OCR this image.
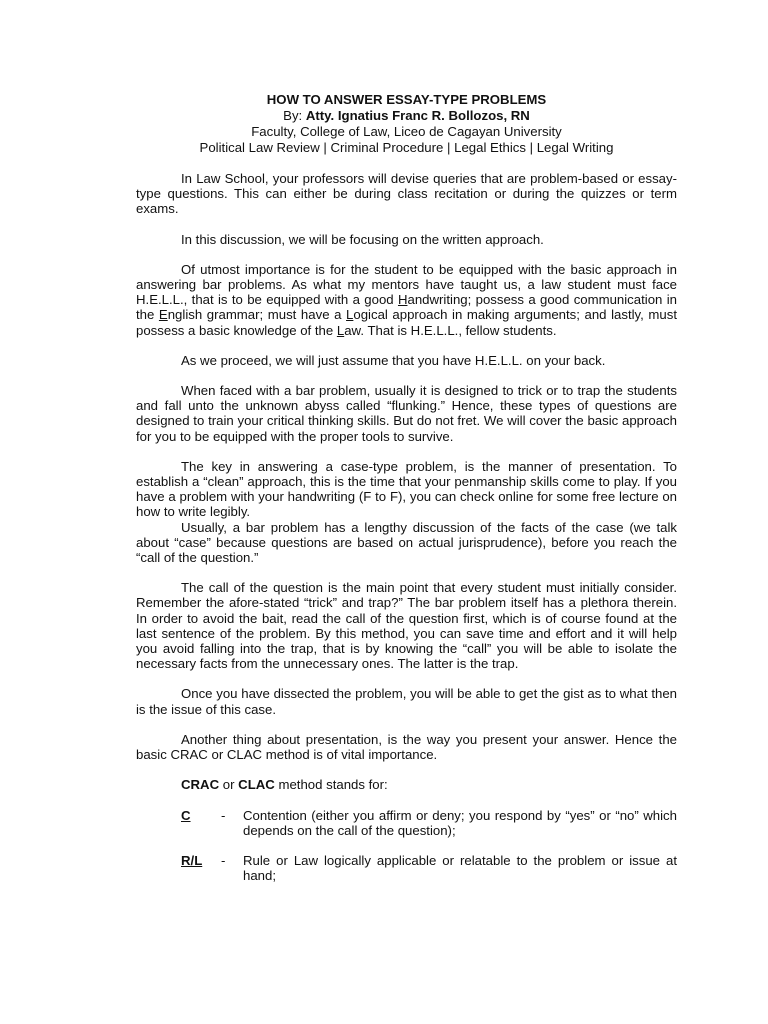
HOW TO ANSWER ESSAY-TYPE PROBLEMS
By: Atty. Ignatius Franc R. Bollozos, RN
Faculty, College of Law, Liceo de Cagayan University
Political Law Review | Criminal Procedure | Legal Ethics | Legal Writing

In Law School, your professors will devise queries that are problem-based or essay-type questions. This can either be during class recitation or during the quizzes or term exams.

In this discussion, we will be focusing on the written approach.

Of utmost importance is for the student to be equipped with the basic approach in answering bar problems. As what my mentors have taught us, a law student must face H.E.L.L., that is to be equipped with a good Handwriting; possess a good communication in the English grammar; must have a Logical approach in making arguments; and lastly, must possess a basic knowledge of the Law. That is H.E.L.L., fellow students.

As we proceed, we will just assume that you have H.E.L.L. on your back.

When faced with a bar problem, usually it is designed to trick or to trap the students and fall unto the unknown abyss called “flunking.” Hence, these types of questions are designed to train your critical thinking skills. But do not fret. We will cover the basic approach for you to be equipped with the proper tools to survive.

The key in answering a case-type problem, is the manner of presentation. To establish a “clean” approach, this is the time that your penmanship skills come to play. If you have a problem with your handwriting (F to F), you can check online for some free lecture on how to write legibly.

Usually, a bar problem has a lengthy discussion of the facts of the case (we talk about “case” because questions are based on actual jurisprudence), before you reach the “call of the question.”

The call of the question is the main point that every student must initially consider. Remember the afore-stated “trick” and trap?” The bar problem itself has a plethora therein. In order to avoid the bait, read the call of the question first, which is of course found at the last sentence of the problem. By this method, you can save time and effort and it will help you avoid falling into the trap, that is by knowing the “call” you will be able to isolate the necessary facts from the unnecessary ones. The latter is the trap.

Once you have dissected the problem, you will be able to get the gist as to what then is the issue of this case.

Another thing about presentation, is the way you present your answer. Hence the basic CRAC or CLAC method is of vital importance.

CRAC or CLAC method stands for:
C - Contention (either you affirm or deny; you respond by “yes” or “no” which depends on the call of the question);
R/L - Rule or Law logically applicable or relatable to the problem or issue at hand;
